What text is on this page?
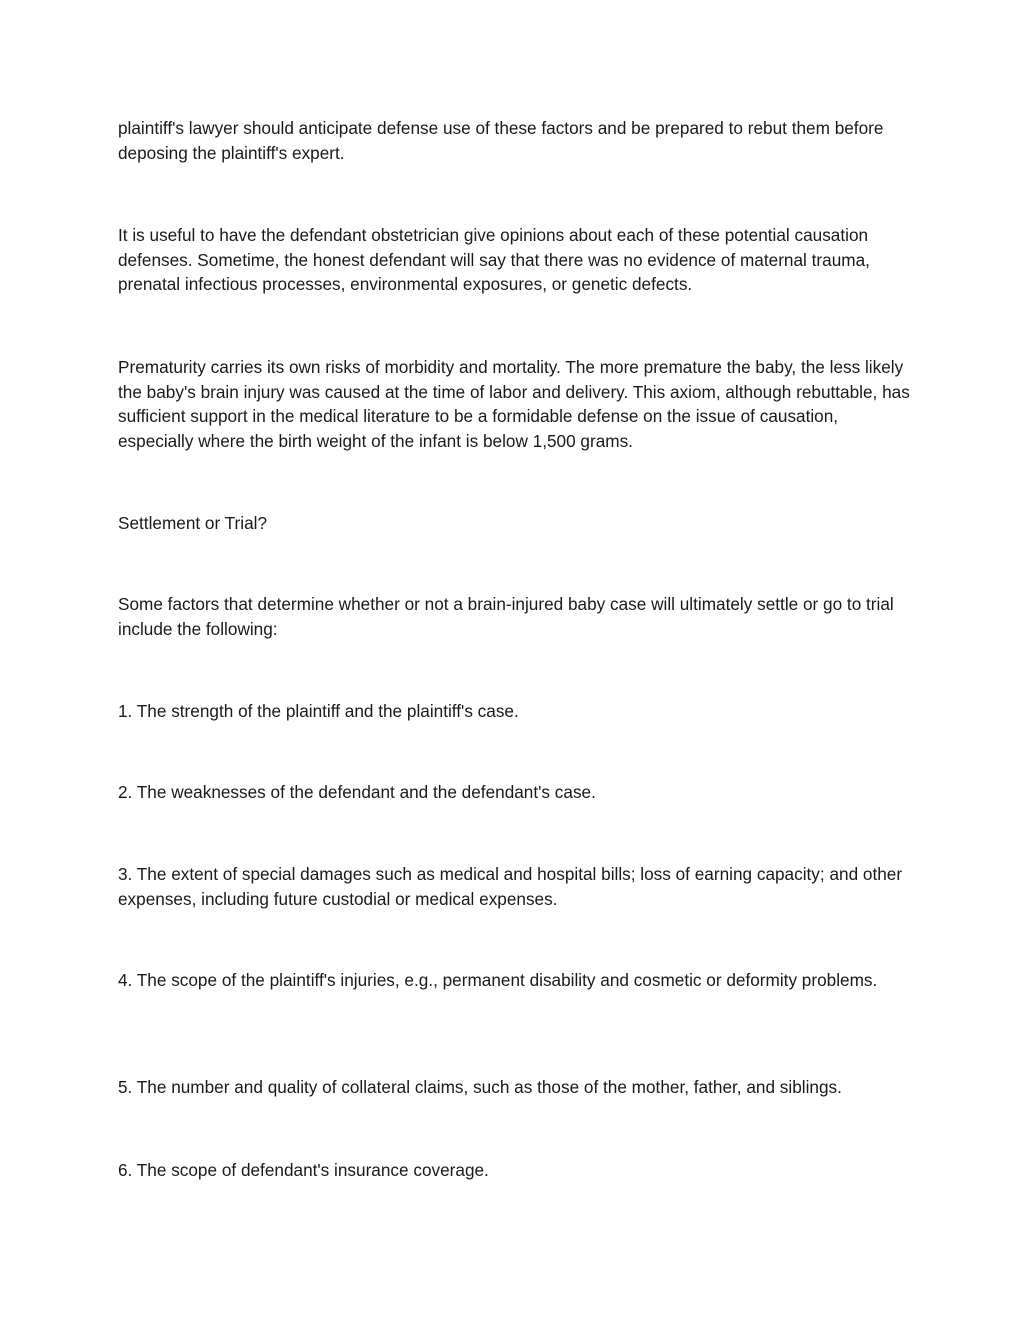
plaintiff's lawyer should anticipate defense use of these factors and be prepared to rebut them before deposing the plaintiff's expert.

It is useful to have the defendant obstetrician give opinions about each of these potential causation defenses. Sometime, the honest defendant will say that there was no evidence of maternal trauma, prenatal infectious processes, environmental exposures, or genetic defects.

Prematurity carries its own risks of morbidity and mortality. The more premature the baby, the less likely the baby's brain injury was caused at the time of labor and delivery. This axiom, although rebuttable, has sufficient support in the medical literature to be a formidable defense on the issue of causation, especially where the birth weight of the infant is below 1,500 grams.

Settlement or Trial?

Some factors that determine whether or not a brain-injured baby case will ultimately settle or go to trial include the following:

1. The strength of the plaintiff and the plaintiff's case.

2. The weaknesses of the defendant and the defendant's case.

3. The extent of special damages such as medical and hospital bills; loss of earning capacity; and other expenses, including future custodial or medical expenses.

4. The scope of the plaintiff's injuries, e.g., permanent disability and cosmetic or deformity problems.

5. The number and quality of collateral claims, such as those of the mother, father, and siblings.

6. The scope of defendant's insurance coverage.
